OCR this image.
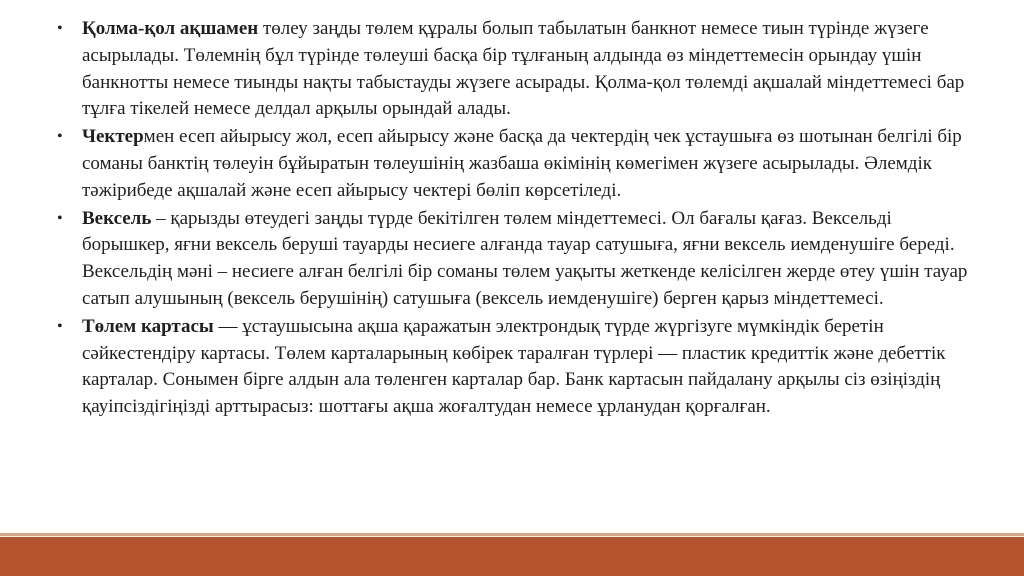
• Қолма-қол ақшамен төлеу заңды төлем құралы болып табылатын банкнот немесе тиын түрінде жүзеге асырылады. Төлемнің бұл түрінде төлеуші басқа бір тұлғаның алдында өз міндеттемесін орындау үшін банкнотты немесе тиынды нақты табыстауды жүзеге асырады. Қолма-қол төлемді ақшалай міндеттемесі бар тұлға тікелей немесе делдал арқылы орындай алады.
• Чектермен есеп айырысу жол, есеп айырысу және басқа да чектердің чек ұстаушыға өз шотынан белгілі бір соманы банктің төлеуін бұйыратын төлеушінің жазбаша өкімінің көмегімен жүзеге асырылады. Әлемдік тәжірибеде ақшалай және есеп айырысу чектері бөліп көрсетіледі.
• Вексель – қарызды өтеудегі заңды түрде бекітілген төлем міндеттемесі. Ол бағалы қағаз. Вексельді борышкер, яғни вексель беруші тауарды несиеге алғанда тауар сатушыға, яғни вексель иемденушіге береді. Вексельдің мәні – несиеге алған белгілі бір соманы төлем уақыты жеткенде келісілген жерде өтеу үшін тауар сатып алушының (вексель берушінің) сатушыға (вексель иемденушіге) берген қарыз міндеттемесі.
• Төлем картасы — ұстаушысына ақша қаражатын электрондық түрде жүргізуге мүмкіндік беретін сәйкестендіру картасы. Төлем карталарының көбірек таралған түрлері — пластик кредиттік және дебеттік карталар. Сонымен бірге алдын ала төленген карталар бар. Банк картасын пайдалану арқылы сіз өзіңіздің қауіпсіздігіңізді арттырасыз: шоттағы ақша жоғалтудан немесе ұрланудан қорғалған.
